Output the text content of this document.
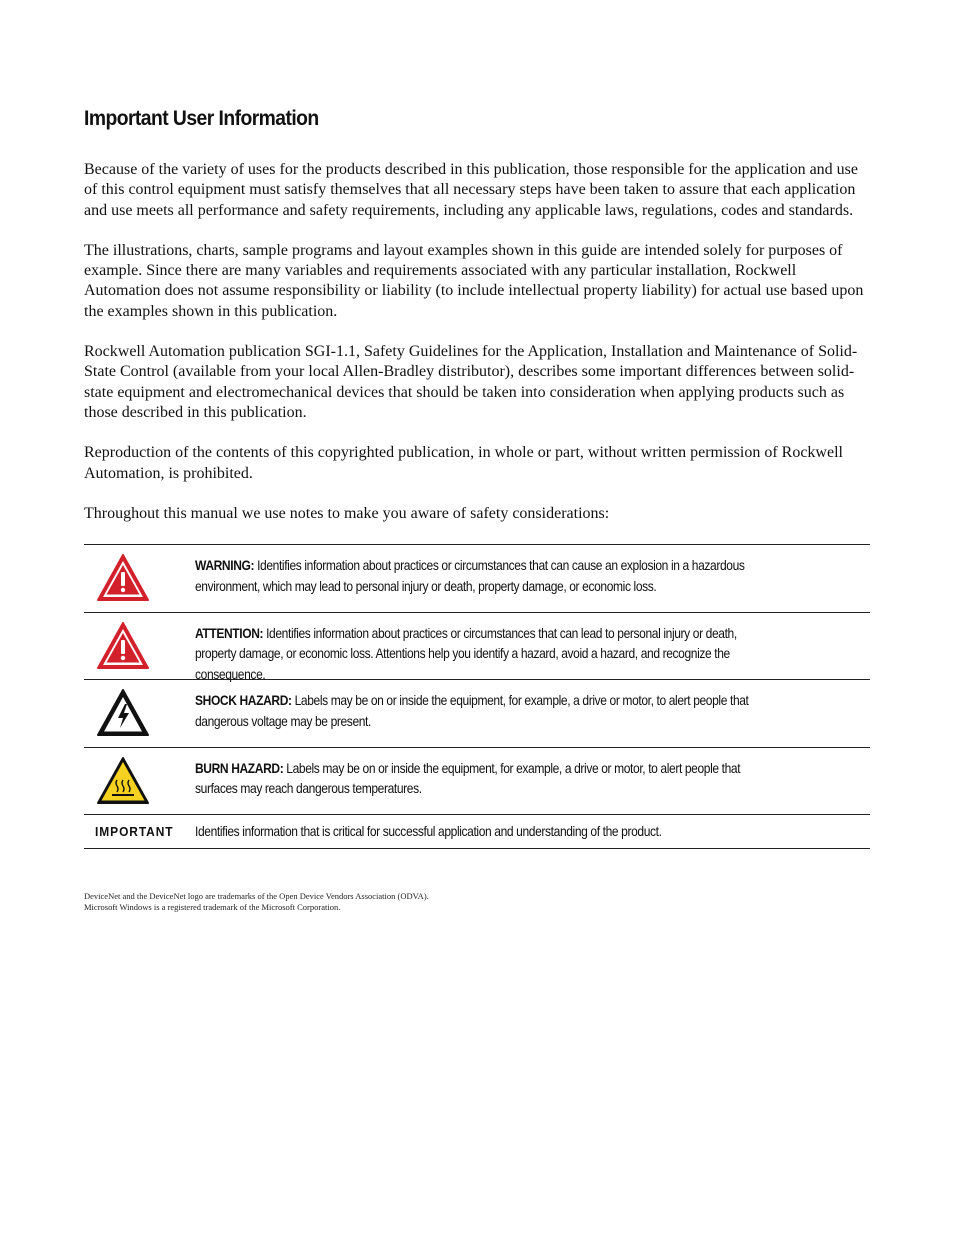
Important User Information

Because of the variety of uses for the products described in this publication, those responsible for the application and use of this control equipment must satisfy themselves that all necessary steps have been taken to assure that each application and use meets all performance and safety requirements, including any applicable laws, regulations, codes and standards.

The illustrations, charts, sample programs and layout examples shown in this guide are intended solely for purposes of example. Since there are many variables and requirements associated with any particular installation, Rockwell Automation does not assume responsibility or liability (to include intellectual property liability) for actual use based upon the examples shown in this publication.

Rockwell Automation publication SGI-1.1, Safety Guidelines for the Application, Installation and Maintenance of Solid-State Control (available from your local Allen-Bradley distributor), describes some important differences between solid-state equipment and electromechanical devices that should be taken into consideration when applying products such as those described in this publication.

Reproduction of the contents of this copyrighted publication, in whole or part, without written permission of Rockwell Automation, is prohibited.

Throughout this manual we use notes to make you aware of safety considerations:

WARNING: Identifies information about practices or circumstances that can cause an explosion in a hazardous environment, which may lead to personal injury or death, property damage, or economic loss.
ATTENTION: Identifies information about practices or circumstances that can lead to personal injury or death, property damage, or economic loss. Attentions help you identify a hazard, avoid a hazard, and recognize the consequence.
SHOCK HAZARD: Labels may be on or inside the equipment, for example, a drive or motor, to alert people that dangerous voltage may be present.
BURN HAZARD: Labels may be on or inside the equipment, for example, a drive or motor, to alert people that surfaces may reach dangerous temperatures.
IMPORTANT	Identifies information that is critical for successful application and understanding of the product.
DeviceNet and the DeviceNet logo are trademarks of the Open Device Vendors Association (ODVA).
Microsoft Windows is a registered trademark of the Microsoft Corporation.
